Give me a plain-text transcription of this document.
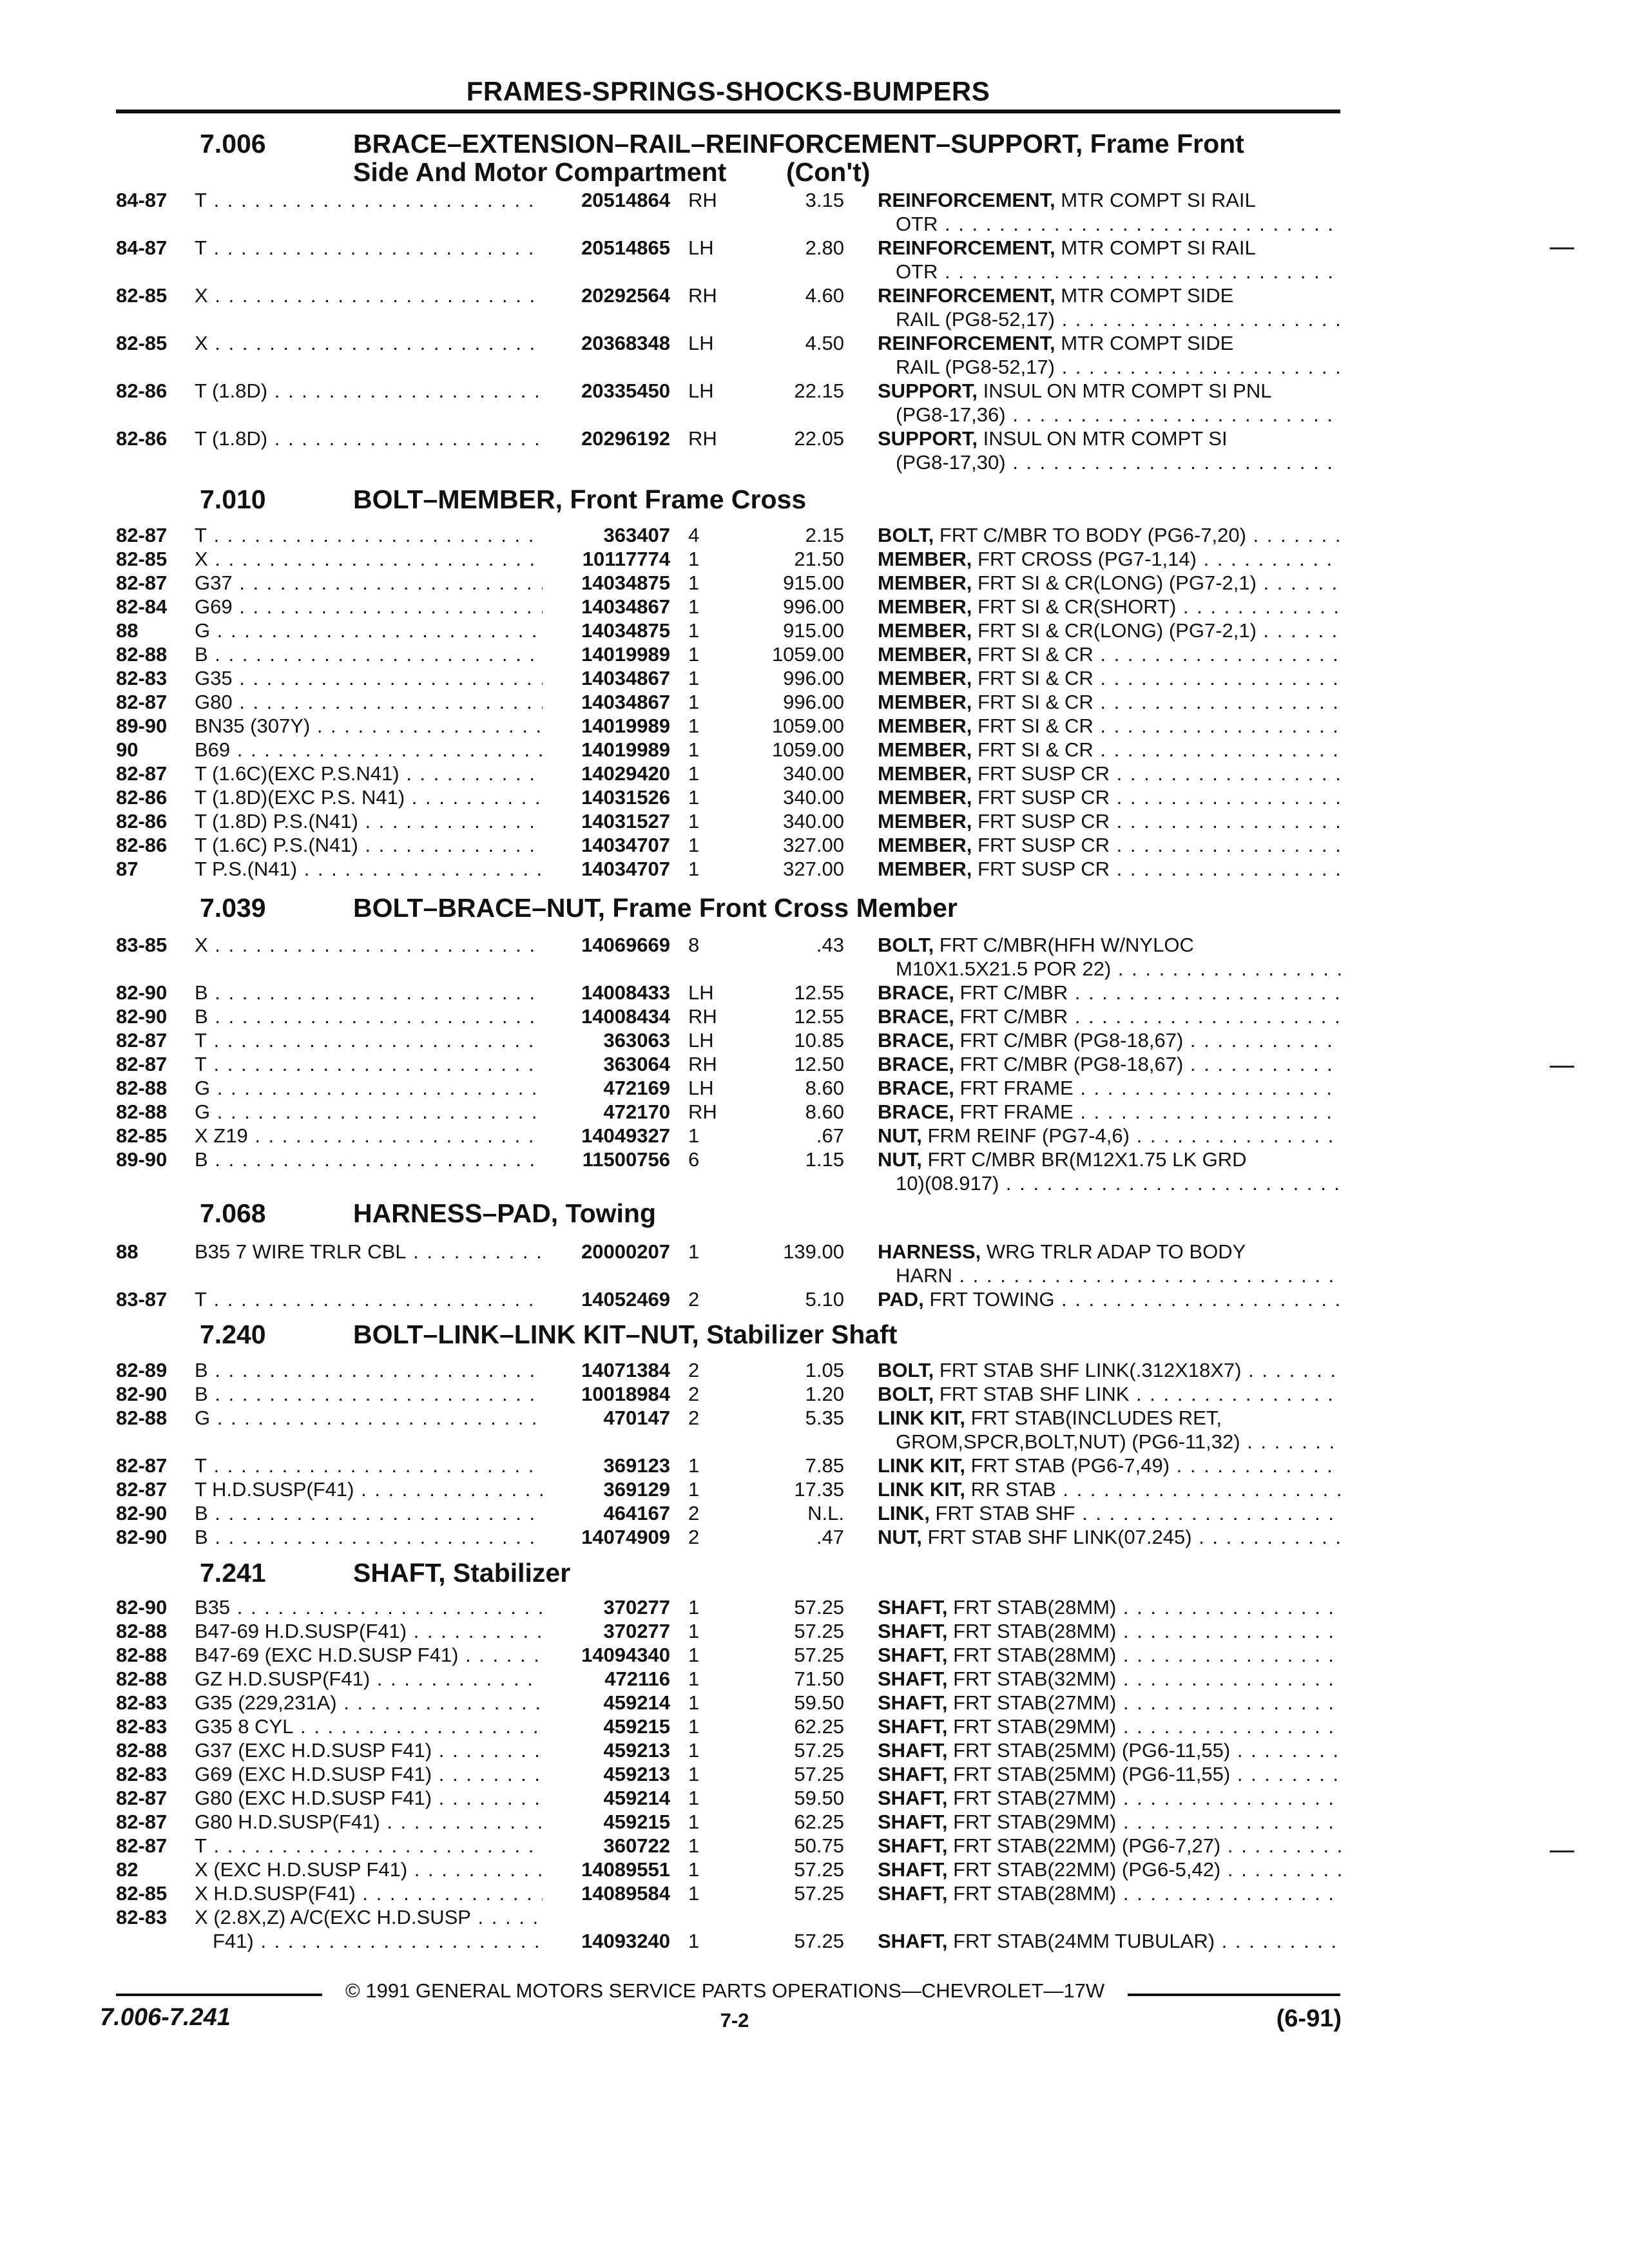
FRAMES-SPRINGS-SHOCKS-BUMPERS
7.006	BRACE–EXTENSION–RAIL–REINFORCEMENT–SUPPORT, Frame Front
Side And Motor Compartment (Con't)
84-87 T . . .	20514864 RH	3.15 REINFORCEMENT, MTR COMPT SI RAIL
OTR . . .
84-87 T . . .	20514865 LH	2.80 REINFORCEMENT, MTR COMPT SI RAIL
OTR . . .
82-85 X . . .	20292564 RH	4.60 REINFORCEMENT, MTR COMPT SIDE
RAIL (PG8-52,17) . . .
82-85 X . . .	20368348 LH	4.50 REINFORCEMENT, MTR COMPT SIDE
RAIL (PG8-52,17) . . .
82-86 T (1.8D) . . .	20335450 LH	22.15 SUPPORT, INSUL ON MTR COMPT SI PNL
(PG8-17,36) . . .
82-86 T (1.8D) . . .	20296192 RH	22.05 SUPPORT, INSUL ON MTR COMPT SI
(PG8-17,30) . . .
7.010	BOLT–MEMBER, Front Frame Cross
82-87 T . . .	363407 4	2.15 BOLT, FRT C/MBR TO BODY (PG6-7,20) . . .
82-85 X . . .	10117774 1	21.50 MEMBER, FRT CROSS (PG7-1,14) . . .
82-87 G37 . . .	14034875 1	915.00 MEMBER, FRT SI & CR(LONG) (PG7-2,1) . . .
82-84 G69 . . .	14034867 1	996.00 MEMBER, FRT SI & CR(SHORT) . . .
88	G . . .	14034875 1	915.00 MEMBER, FRT SI & CR(LONG) (PG7-2,1) . . .
82-88 B . . .	14019989 1	1059.00 MEMBER, FRT SI & CR . . .
82-83 G35 . . .	14034867 1	996.00 MEMBER, FRT SI & CR . . .
82-87 G80 . . .	14034867 1	996.00 MEMBER, FRT SI & CR . . .
89-90 BN35 (307Y) . . .	14019989 1	1059.00 MEMBER, FRT SI & CR . . .
90	B69 . . .	14019989 1	1059.00 MEMBER, FRT SI & CR . . .
82-87 T (1.6C)(EXC P.S.N41) . . .	14029420 1	340.00 MEMBER, FRT SUSP CR . . .
82-86 T (1.8D)(EXC P.S. N41) . . .	14031526 1	340.00 MEMBER, FRT SUSP CR . . .
82-86 T (1.8D) P.S.(N41) . . .	14031527 1	340.00 MEMBER, FRT SUSP CR . . .
82-86 T (1.6C) P.S.(N41) . . .	14034707 1	327.00 MEMBER, FRT SUSP CR . . .
87	T P.S.(N41) . . .	14034707 1	327.00 MEMBER, FRT SUSP CR . . .
7.039	BOLT–BRACE–NUT, Frame Front Cross Member
83-85 X . . .	14069669 8	.43 BOLT, FRT C/MBR(HFH W/NYLOC
M10X1.5X21.5 POR 22) . . .
82-90 B . . .	14008433 LH	12.55 BRACE, FRT C/MBR . . .
82-90 B . . .	14008434 RH	12.55 BRACE, FRT C/MBR . . .
82-87 T . . .	363063 LH	10.85 BRACE, FRT C/MBR (PG8-18,67) . . .
82-87 T . . .	363064 RH	12.50 BRACE, FRT C/MBR (PG8-18,67) . . .
82-88 G . . .	472169 LH	8.60 BRACE, FRT FRAME . . .
82-88 G . . .	472170 RH	8.60 BRACE, FRT FRAME . . .
82-85 X Z19 . . .	14049327 1	.67 NUT, FRM REINF (PG7-4,6) . . .
89-90 B . . .	11500756 6	1.15 NUT, FRT C/MBR BR(M12X1.75 LK GRD
10)(08.917) . . .
7.068	HARNESS–PAD, Towing
88	B35 7 WIRE TRLR CBL . . .	20000207 1	139.00 HARNESS, WRG TRLR ADAP TO BODY
HARN . . .
83-87 T . . .	14052469 2	5.10 PAD, FRT TOWING . . .
7.240	BOLT–LINK–LINK KIT–NUT, Stabilizer Shaft
82-89 B . . .	14071384 2	1.05 BOLT, FRT STAB SHF LINK(.312X18X7) . . .
82-90 B . . .	10018984 2	1.20 BOLT, FRT STAB SHF LINK . . .
82-88 G . . .	470147 2	5.35 LINK KIT, FRT STAB(INCLUDES RET,
GROM,SPCR,BOLT,NUT) (PG6-11,32) . . .
82-87 T . . .	369123 1	7.85 LINK KIT, FRT STAB (PG6-7,49) . . .
82-87 T H.D.SUSP(F41) . . .	369129 1	17.35 LINK KIT, RR STAB . . .
82-90 B . . .	464167 2	N.L. LINK, FRT STAB SHF . . .
82-90 B . . .	14074909 2	.47 NUT, FRT STAB SHF LINK(07.245) . . .
7.241	SHAFT, Stabilizer
82-90 B35 . . .	370277 1	57.25 SHAFT, FRT STAB(28MM) . . .
82-88 B47-69 H.D.SUSP(F41) . . .	370277 1	57.25 SHAFT, FRT STAB(28MM) . . .
82-88 B47-69 (EXC H.D.SUSP F41) . . .	14094340 1	57.25 SHAFT, FRT STAB(28MM) . . .
82-88 GZ H.D.SUSP(F41) . . .	472116 1	71.50 SHAFT, FRT STAB(32MM) . . .
82-83 G35 (229,231A) . . .	459214 1	59.50 SHAFT, FRT STAB(27MM) . . .
82-83 G35 8 CYL . . .	459215 1	62.25 SHAFT, FRT STAB(29MM) . . .
82-88 G37 (EXC H.D.SUSP F41) . . .	459213 1	57.25 SHAFT, FRT STAB(25MM) (PG6-11,55) . . .
82-83 G69 (EXC H.D.SUSP F41) . . .	459213 1	57.25 SHAFT, FRT STAB(25MM) (PG6-11,55) . . .
82-87 G80 (EXC H.D.SUSP F41) . . .	459214 1	59.50 SHAFT, FRT STAB(27MM) . . .
82-87 G80 H.D.SUSP(F41) . . .	459215 1	62.25 SHAFT, FRT STAB(29MM) . . .
82-87 T . . .	360722 1	50.75 SHAFT, FRT STAB(22MM) (PG6-7,27) . . .
82	X (EXC H.D.SUSP F41) . . .	14089551 1	57.25 SHAFT, FRT STAB(22MM) (PG6-5,42) . . .
82-85 X H.D.SUSP(F41) . . .	14089584 1	57.25 SHAFT, FRT STAB(28MM) . . .
82-83 X (2.8X,Z) A/C(EXC H.D.SUSP . . .
F41) . . .	14093240 1	57.25 SHAFT, FRT STAB(24MM TUBULAR) . . .
© 1991 GENERAL MOTORS SERVICE PARTS OPERATIONS—CHEVROLET—17W
7.006-7.241	7-2	(6-91)
